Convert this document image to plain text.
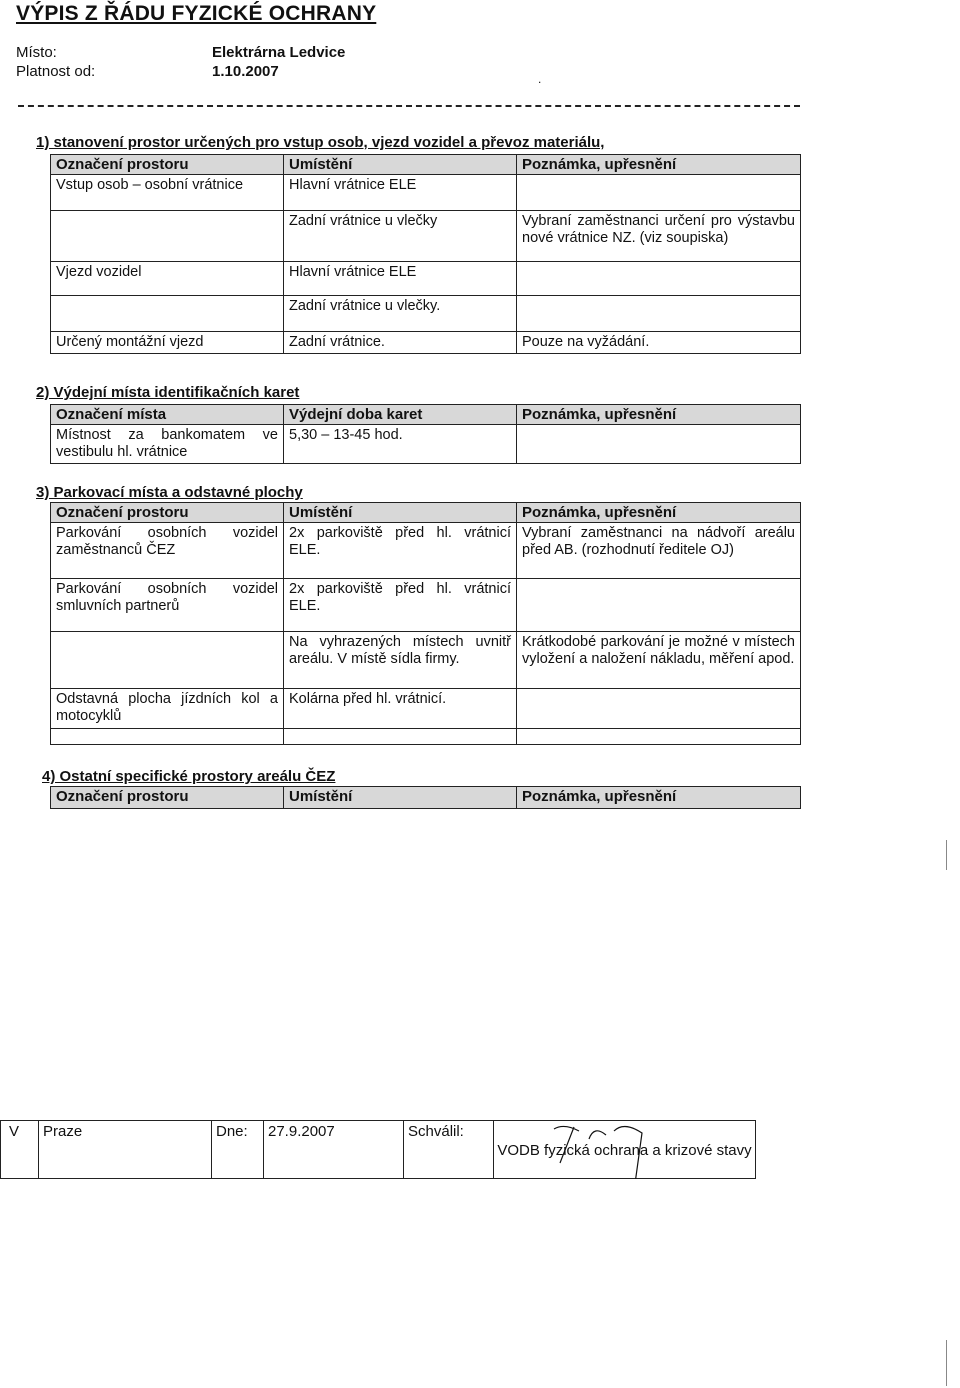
VÝPIS Z ŘÁDU FYZICKÉ OCHRANY
Místo:	Elektrárna Ledvice
Platnost od:	1.10.2007	.
1) stanovení prostor určených pro vstup osob, vjezd vozidel a převoz materiálu,
Označení prostoru	Umístění	Poznámka, upřesnění
Vstup osob – osobní vrátnice	Hlavní vrátnice ELE	
	Zadní vrátnice u vlečky	Vybraní zaměstnanci určení pro výstavbu nové vrátnice NZ. (viz soupiska)
Vjezd vozidel	Hlavní vrátnice ELE	
	Zadní vrátnice u vlečky.	
Určený montážní vjezd	Zadní vrátnice.	Pouze na vyžádání.
2) Výdejní místa identifikačních karet
Označení místa	Výdejní doba karet	Poznámka, upřesnění
Místnost za bankomatem ve vestibulu hl. vrátnice	5,30 – 13-45 hod.	
3) Parkovací místa a odstavné plochy
Označení prostoru	Umístění	Poznámka, upřesnění
Parkování osobních vozidel zaměstnanců ČEZ	2x parkoviště před hl. vrátnicí ELE.	Vybraní zaměstnanci na nádvoří areálu před AB. (rozhodnutí ředitele OJ)
Parkování osobních vozidel smluvních partnerů	2x parkoviště před hl. vrátnicí ELE.	
	Na vyhrazených místech uvnitř areálu. V místě sídla firmy.	Krátkodobé parkování je možné v místech vyložení a naložení nákladu, měření apod.
Odstavná plocha jízdních kol a motocyklů	Kolárna před hl. vrátnicí.	

4) Ostatní specifické prostory areálu ČEZ
Označení prostoru	Umístění	Poznámka, upřesnění
V	Praze	Dne:	27.9.2007	Schválil:	
VODB fyzická ochrana a krizové stavy
